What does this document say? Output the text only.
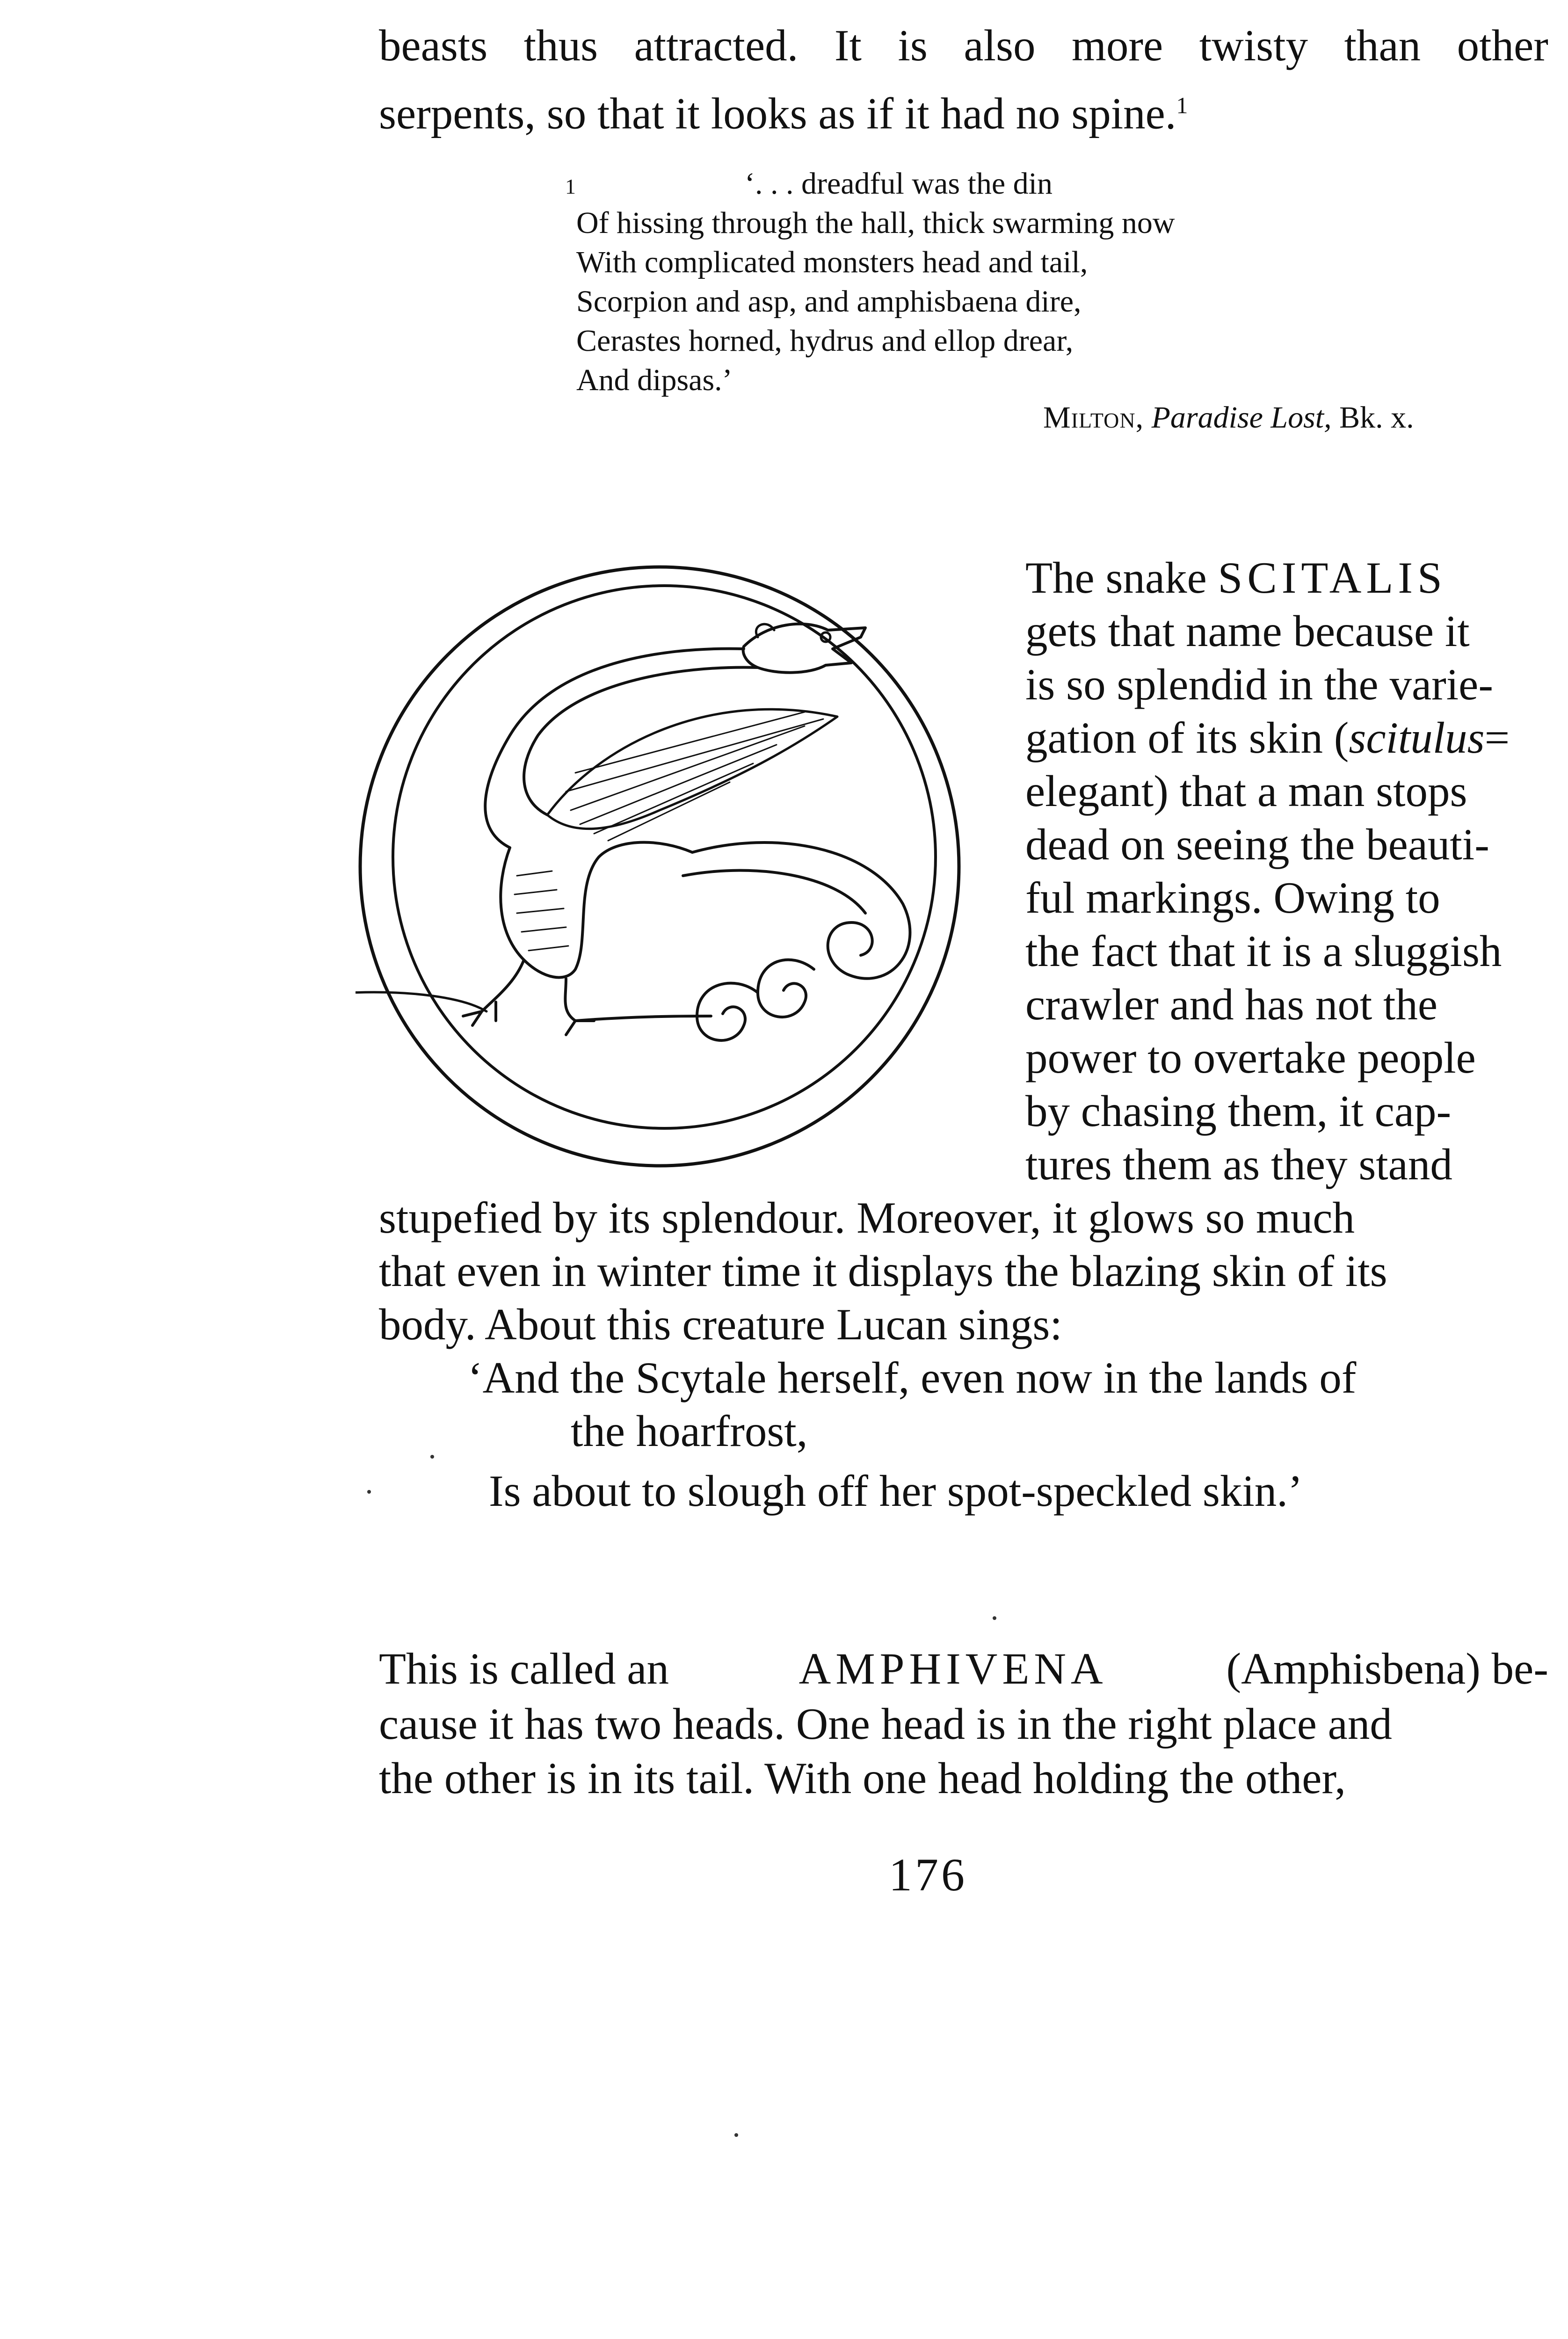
beasts thus attracted. It is also more twisty than other
serpents, so that it looks as if it had no spine.$^1$
1	‘. . . dreadful was the din
Of hissing through the hall, thick swarming now
With complicated monsters head and tail,
Scorpion and asp, and amphisbaena dire,
Cerastes horned, hydrus and ellop drear,
And dipsas.’
Milton, Paradise Lost, Bk. x.
The snake SCITALIS
gets that name because it
is so splendid in the varie-
gation of its skin (scitulus=
elegant) that a man stops
dead on seeing the beauti-
ful markings. Owing to
the fact that it is a sluggish
crawler and has not the
power to overtake people
by chasing them, it cap-
tures them as they stand
stupefied by its splendour. Moreover, it glows so much
that even in winter time it displays the blazing skin of its
body. About this creature Lucan sings:
‘And the Scytale herself, even now in the lands of
the hoarfrost,
Is about to slough off her spot-speckled skin.’
This is called an	AMPHIVENA	(Amphisbena) be-
cause it has two heads. One head is in the right place and
the other is in its tail. With one head holding the other,
176
